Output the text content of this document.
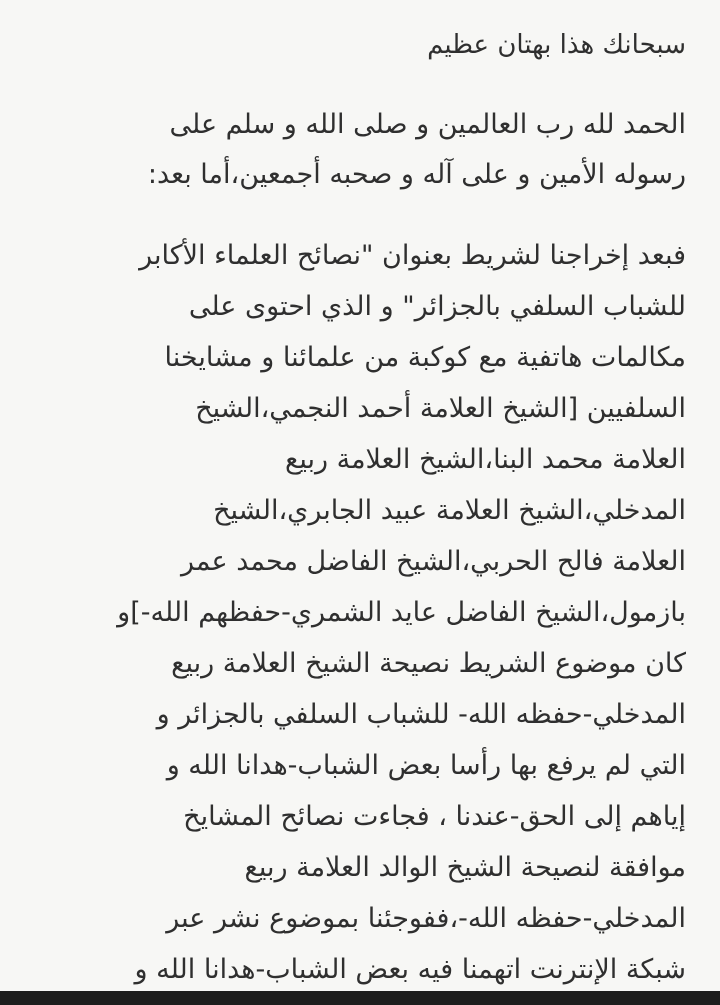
سبحانك هذا بهتان عظيم
الحمد لله رب العالمين و صلى الله و سلم على
رسوله الأمين و على آله و صحبه أجمعين،أما بعد:
فبعد إخراجنا لشريط بعنوان "نصائح العلماء الأكابر
للشباب السلفي بالجزائر" و الذي احتوى على
مكالمات هاتفية مع كوكبة من علمائنا و مشايخنا
السلفيين [الشيخ العلامة أحمد النجمي،الشيخ
العلامة محمد البنا،الشيخ العلامة ربيع
المدخلي،الشيخ العلامة عبيد الجابري،الشيخ
العلامة فالح الحربي،الشيخ الفاضل محمد عمر
بازمول،الشيخ الفاضل عايد الشمري-حفظهم الله-]و
كان موضوع الشريط نصيحة الشيخ العلامة ربيع
المدخلي-حفظه الله- للشباب السلفي بالجزائر و
التي لم يرفع بها رأسا بعض الشباب-هدانا الله و
إياهم إلى الحق-عندنا ، فجاءت نصائح المشايخ
موافقة لنصيحة الشيخ الوالد العلامة ربيع
المدخلي-حفظه الله-،ففوجئنا بموضوع نشر عبر
شبكة الإنترنت اتهمنا فيه بعض الشباب-هدانا الله و
